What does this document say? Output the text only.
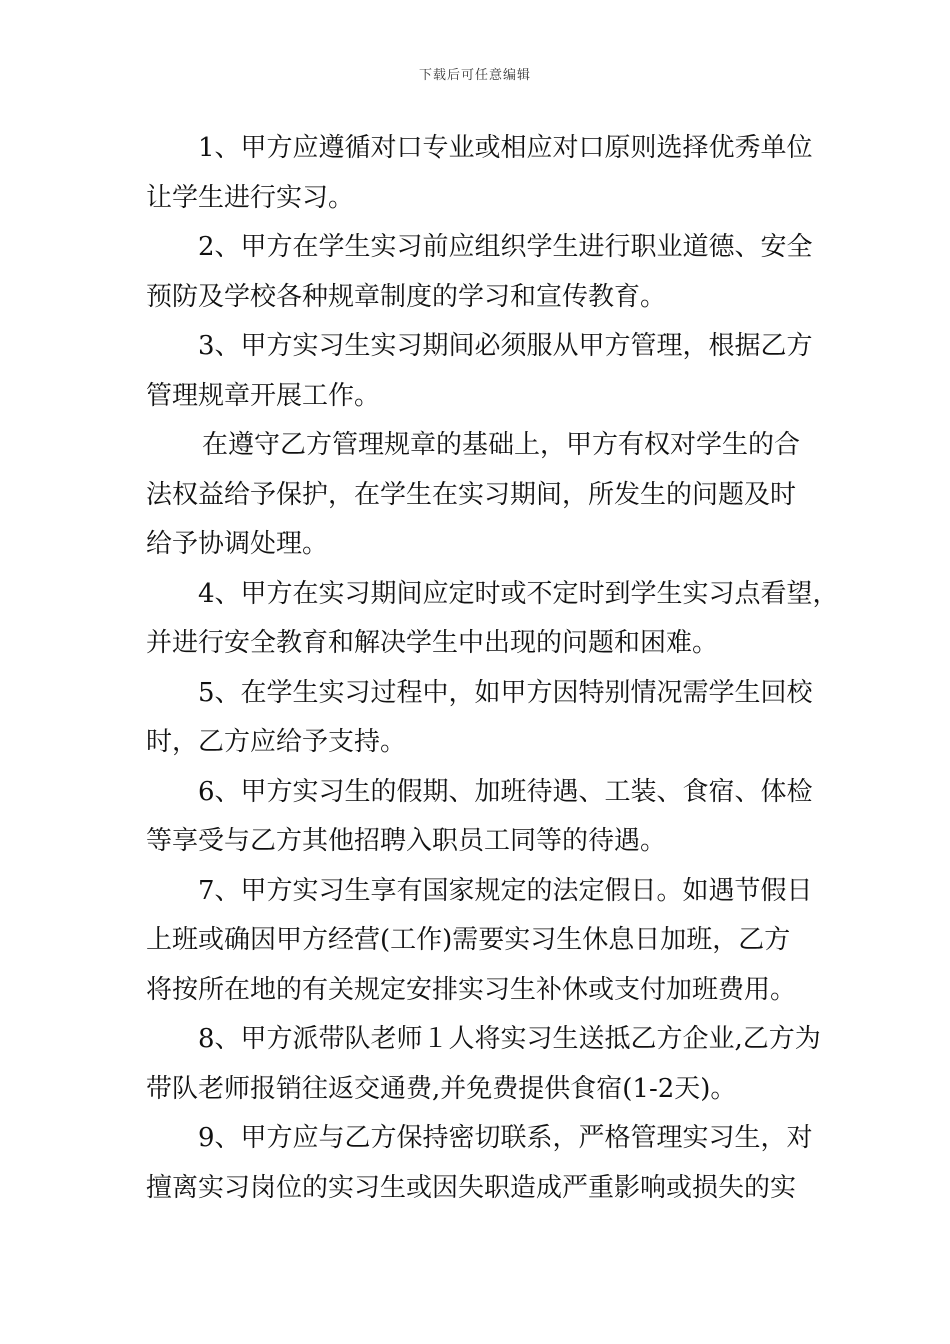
下载后可任意编辑

1、甲方应遵循对口专业或相应对口原则选择优秀单位
让学生进行实习。

2、甲方在学生实习前应组织学生进行职业道德、安全
预防及学校各种规章制度的学习和宣传教育。

3、甲方实习生实习期间必须服从甲方管理，根据乙方
管理规章开展工作。

在遵守乙方管理规章的基础上，甲方有权对学生的合
法权益给予保护，在学生在实习期间，所发生的问题及时
给予协调处理。

4、甲方在实习期间应定时或不定时到学生实习点看望，
并进行安全教育和解决学生中出现的问题和困难。

5、在学生实习过程中，如甲方因特别情况需学生回校
时，乙方应给予支持。

6、甲方实习生的假期、加班待遇、工装、食宿、体检
等享受与乙方其他招聘入职员工同等的待遇。

7、甲方实习生享有国家规定的法定假日。如遇节假日
上班或确因甲方经营(工作)需要实习生休息日加班，乙方
将按所在地的有关规定安排实习生补休或支付加班费用。

8、甲方派带队老师１人将实习生送抵乙方企业,乙方为
带队老师报销往返交通费,并免费提供食宿(1-2天)。

9、甲方应与乙方保持密切联系，严格管理实习生，对
擅离实习岗位的实习生或因失职造成严重影响或损失的实
